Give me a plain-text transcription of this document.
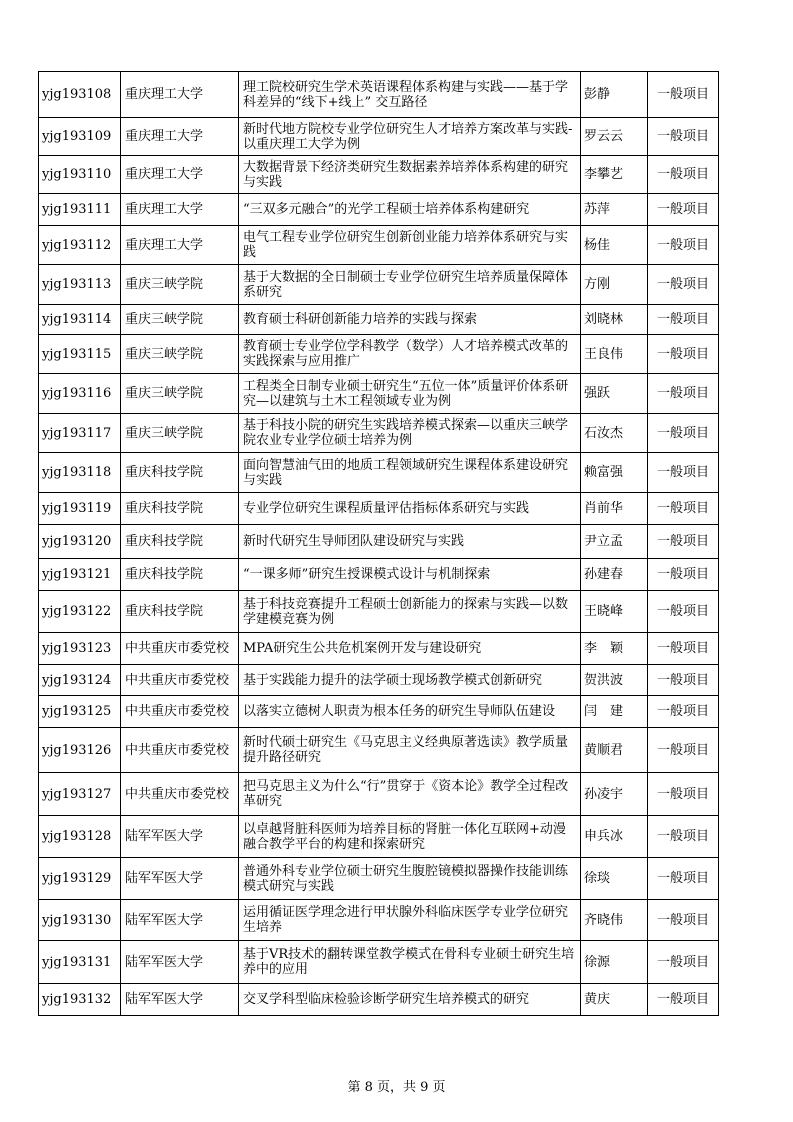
yjg193108	重庆理工大学	理工院校研究生学术英语课程体系构建与实践——基于学科差异的“线下+线上” 交互路径	彭静	一般项目
yjg193109	重庆理工大学	新时代地方院校专业学位研究生人才培养方案改革与实践-以重庆理工大学为例	罗云云	一般项目
yjg193110	重庆理工大学	大数据背景下经济类研究生数据素养培养体系构建的研究与实践	李攀艺	一般项目
yjg193111	重庆理工大学	“三双多元融合”的光学工程硕士培养体系构建研究	苏萍	一般项目
yjg193112	重庆理工大学	电气工程专业学位研究生创新创业能力培养体系研究与实践	杨佳	一般项目
yjg193113	重庆三峡学院	基于大数据的全日制硕士专业学位研究生培养质量保障体系研究	方刚	一般项目
yjg193114	重庆三峡学院	教育硕士科研创新能力培养的实践与探索	刘晓林	一般项目
yjg193115	重庆三峡学院	教育硕士专业学位学科教学（数学）人才培养模式改革的实践探索与应用推广	王良伟	一般项目
yjg193116	重庆三峡学院	工程类全日制专业硕士研究生“五位一体”质量评价体系研究—以建筑与土木工程领域专业为例	强跃	一般项目
yjg193117	重庆三峡学院	基于科技小院的研究生实践培养模式探索—以重庆三峡学院农业专业学位硕士培养为例	石汝杰	一般项目
yjg193118	重庆科技学院	面向智慧油气田的地质工程领域研究生课程体系建设研究与实践	赖富强	一般项目
yjg193119	重庆科技学院	专业学位研究生课程质量评估指标体系研究与实践	肖前华	一般项目
yjg193120	重庆科技学院	新时代研究生导师团队建设研究与实践	尹立孟	一般项目
yjg193121	重庆科技学院	“一课多师”研究生授课模式设计与机制探索	孙建春	一般项目
yjg193122	重庆科技学院	基于科技竞赛提升工程硕士创新能力的探索与实践—以数学建模竞赛为例	王晓峰	一般项目
yjg193123	中共重庆市委党校	MPA研究生公共危机案例开发与建设研究	李　颖	一般项目
yjg193124	中共重庆市委党校	基于实践能力提升的法学硕士现场教学模式创新研究	贺洪波	一般项目
yjg193125	中共重庆市委党校	以落实立德树人职责为根本任务的研究生导师队伍建设	闫　建	一般项目
yjg193126	中共重庆市委党校	新时代硕士研究生《马克思主义经典原著选读》教学质量提升路径研究	黄顺君	一般项目
yjg193127	中共重庆市委党校	把马克思主义为什么“行”贯穿于《资本论》教学全过程改革研究	孙凌宇	一般项目
yjg193128	陆军军医大学	以卓越肾脏科医师为培养目标的肾脏一体化互联网+动漫融合教学平台的构建和探索研究	申兵冰	一般项目
yjg193129	陆军军医大学	普通外科专业学位硕士研究生腹腔镜模拟器操作技能训练模式研究与实践	徐琰	一般项目
yjg193130	陆军军医大学	运用循证医学理念进行甲状腺外科临床医学专业学位研究生培养	齐晓伟	一般项目
yjg193131	陆军军医大学	基于VR技术的翻转课堂教学模式在骨科专业硕士研究生培养中的应用	徐源	一般项目
yjg193132	陆军军医大学	交叉学科型临床检验诊断学研究生培养模式的研究	黄庆	一般项目
第 8 页，共 9 页
